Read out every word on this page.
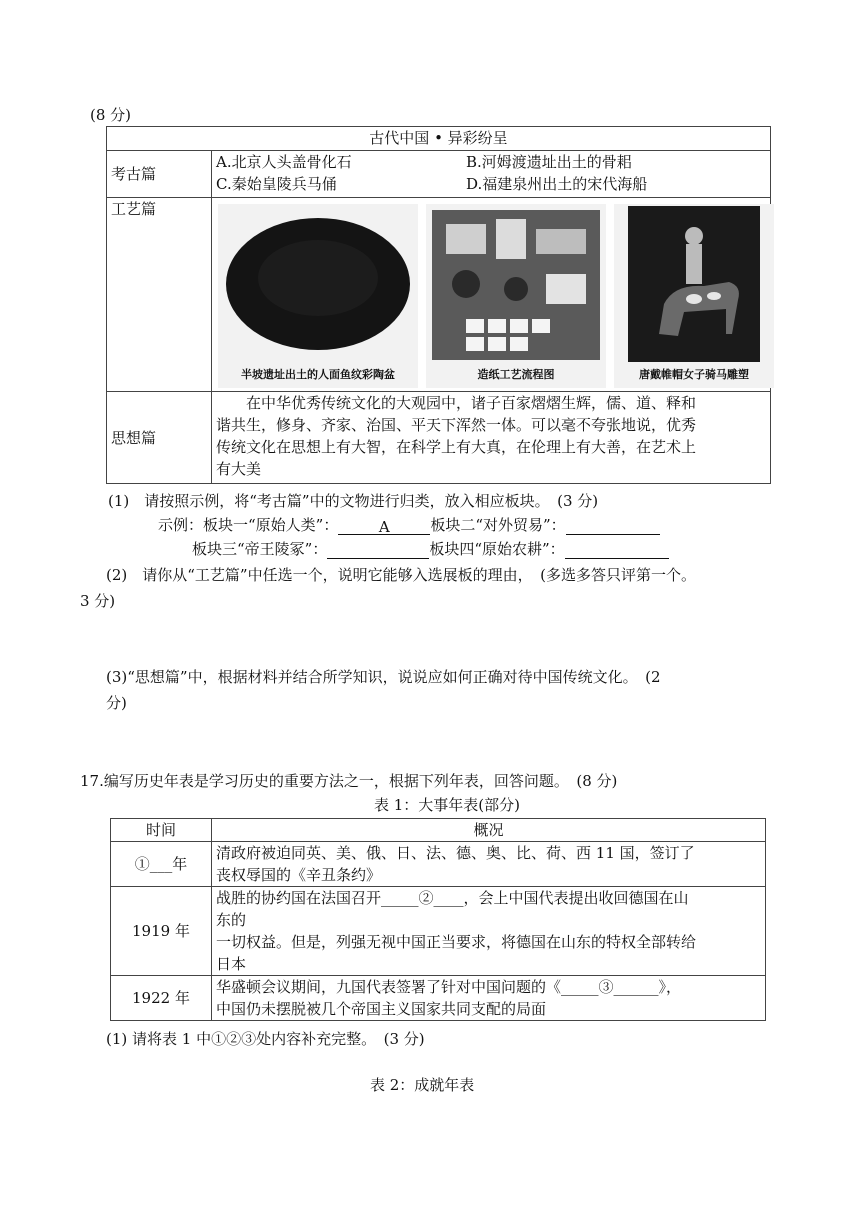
(8 分)
古代中国 • 异彩纷呈	
考古篇	A.北京人头盖骨化石 B.河姆渡遗址出土的骨耜
C.秦始皇陵兵马俑 D.福建泉州出土的宋代海船

工艺篇	半坡遗址出土的人面鱼纹彩陶盆 造纸工艺流程图 唐戴帷帽女子骑马雕塑

思想篇	在中华优秀传统文化的大观园中，诸子百家熠熠生辉，儒、道、释和
谐共生，修身、齐家、治国、平天下浑然一体。可以毫不夸张地说，优秀
传统文化在思想上有大智，在科学上有大真，在伦理上有大善，在艺术上
有大美
(1)　请按照示例，将“考古篇”中的文物进行归类，放入相应板块。　(3 分)
示例：板块一“原始人类”：	A	板块二“对外贸易”：
板块三“帝王陵冢”：	板块四“原始农耕”：
(2)　请你从“工艺篇”中任选一个，说明它能够入选展板的理由，　(多选多答只评第一个。
3 分)
(3)“思想篇”中，根据材料并结合所学知识，说说应如何正确对待中国传统文化。　(2
分)
17.编写历史年表是学习历史的重要方法之一，根据下列年表，回答问题。　(8 分)
表 1：大事年表(部分)
时间	概况
①___年	清政府被迫同英、美、俄、日、法、德、奥、比、荷、西 11 国，签订了
丧权辱国的《辛丑条约》

1919 年	战胜的协约国在法国召开_____②____，会上中国代表提出收回德国在山
东的
一切权益。但是，列强无视中国正当要求，将德国在山东的特权全部转给
日本

1922 年	华盛顿会议期间，九国代表签署了针对中国问题的《_____③______》，
中国仍未摆脱被几个帝国主义国家共同支配的局面
(1) 请将表 1 中①②③处内容补充完整。　(3 分)
表 2：成就年表
